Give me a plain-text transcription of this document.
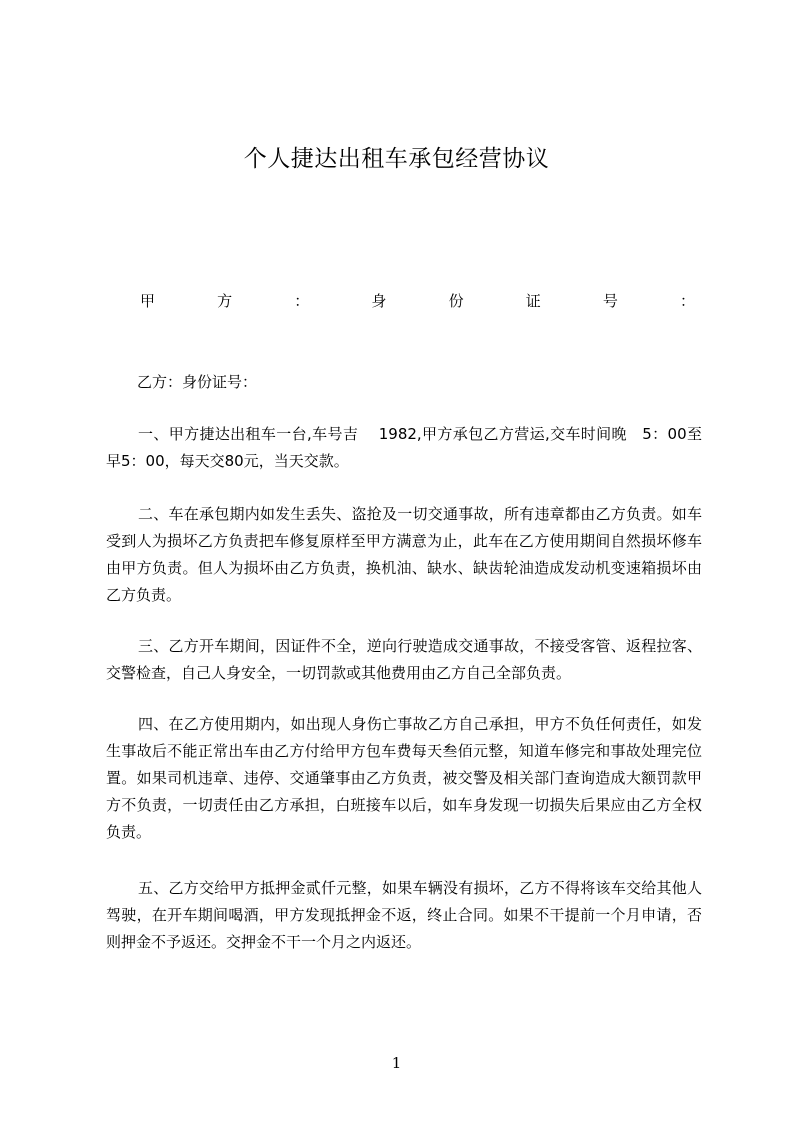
个人捷达出租车承包经营协议
甲	方	：	身	份	证	号	：
乙方：身份证号：

一、甲方捷达出租车一台,车号吉　 1982,甲方承包乙方营运,交车时间晚　5：00至早5：00，每天交80元，当天交款。

二、车在承包期内如发生丢失、盗抢及一切交通事故，所有违章都由乙方负责。如车受到人为损坏乙方负责把车修复原样至甲方满意为止，此车在乙方使用期间自然损坏修车由甲方负责。但人为损坏由乙方负责，换机油、缺水、缺齿轮油造成发动机变速箱损坏由乙方负责。

三、乙方开车期间，因证件不全，逆向行驶造成交通事故，不接受客管、返程拉客、交警检查，自己人身安全，一切罚款或其他费用由乙方自己全部负责。

四、在乙方使用期内，如出现人身伤亡事故乙方自己承担，甲方不负任何责任，如发生事故后不能正常出车由乙方付给甲方包车费每天叁佰元整，知道车修完和事故处理完位置。如果司机违章、违停、交通肇事由乙方负责，被交警及相关部门查询造成大额罚款甲方不负责，一切责任由乙方承担，白班接车以后，如车身发现一切损失后果应由乙方全权负责。

五、乙方交给甲方抵押金贰仟元整，如果车辆没有损坏，乙方不得将该车交给其他人驾驶，在开车期间喝酒，甲方发现抵押金不返，终止合同。如果不干提前一个月申请，否则押金不予返还。交押金不干一个月之内返还。

1
